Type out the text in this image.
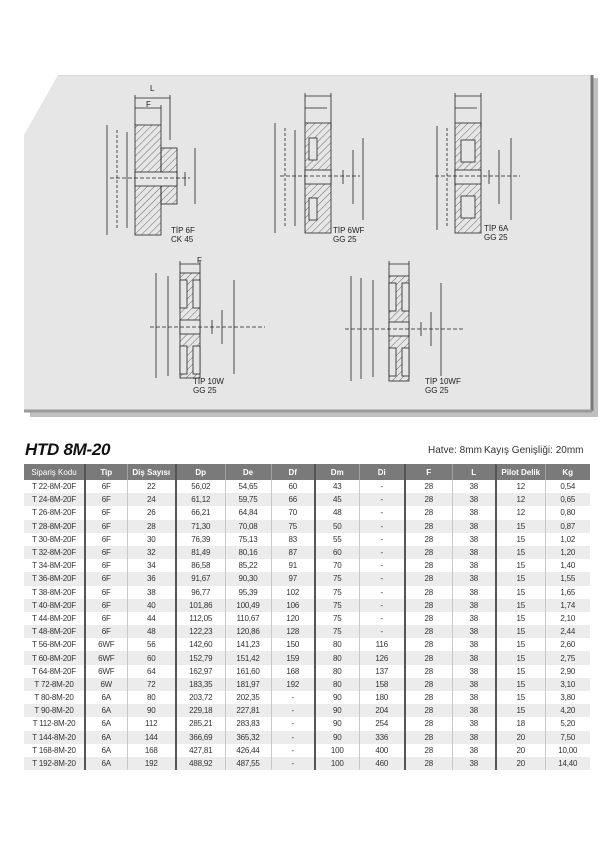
L
F
TİP 6F
CK 45
TİP 6WF
GG 25
TİP 6A
GG 25
F
TİP 10W
GG 25
TİP 10WF
GG 25
HTD 8M-20	Hatve: 8mm Kayış Genişliği: 20mm
Sipariş Kodu	Tip	Diş Sayısı	Dp	De	Df	Dm	Di	F	L	Pilot Delik	Kg
T 22-8M-20F	6F	22	56,02	54,65	60	43	-	28	38	12	0,54
T 24-8M-20F	6F	24	61,12	59,75	66	45	-	28	38	12	0,65
T 26-8M-20F	6F	26	66,21	64,84	70	48	-	28	38	12	0,80
T 28-8M-20F	6F	28	71,30	70,08	75	50	-	28	38	15	0,87
T 30-8M-20F	6F	30	76,39	75,13	83	55	-	28	38	15	1,02
T 32-8M-20F	6F	32	81,49	80,16	87	60	-	28	38	15	1,20
T 34-8M-20F	6F	34	86,58	85,22	91	70	-	28	38	15	1,40
T 36-8M-20F	6F	36	91,67	90,30	97	75	-	28	38	15	1,55
T 38-8M-20F	6F	38	96,77	95,39	102	75	-	28	38	15	1,65
T 40-8M-20F	6F	40	101,86	100,49	106	75	-	28	38	15	1,74
T 44-8M-20F	6F	44	112,05	110,67	120	75	-	28	38	15	2,10
T 48-8M-20F	6F	48	122,23	120,86	128	75	-	28	38	15	2,44
T 56-8M-20F	6WF	56	142,60	141,23	150	80	116	28	38	15	2,60
T 60-8M-20F	6WF	60	152,79	151,42	159	80	126	28	38	15	2,75
T 64-8M-20F	6WF	64	162,97	161,60	168	80	137	28	38	15	2,90
T 72-8M-20	6W	72	183,35	181,97	192	80	158	28	38	15	3,10
T 80-8M-20	6A	80	203,72	202,35	-	90	180	28	38	15	3,80
T 90-8M-20	6A	90	229,18	227,81	-	90	204	28	38	15	4,20
T 112-8M-20	6A	112	285,21	283,83	-	90	254	28	38	18	5,20
T 144-8M-20	6A	144	366,69	365,32	-	90	336	28	38	20	7,50
T 168-8M-20	6A	168	427,81	426,44	-	100	400	28	38	20	10,00
T 192-8M-20	6A	192	488,92	487,55	-	100	460	28	38	20	14,40
